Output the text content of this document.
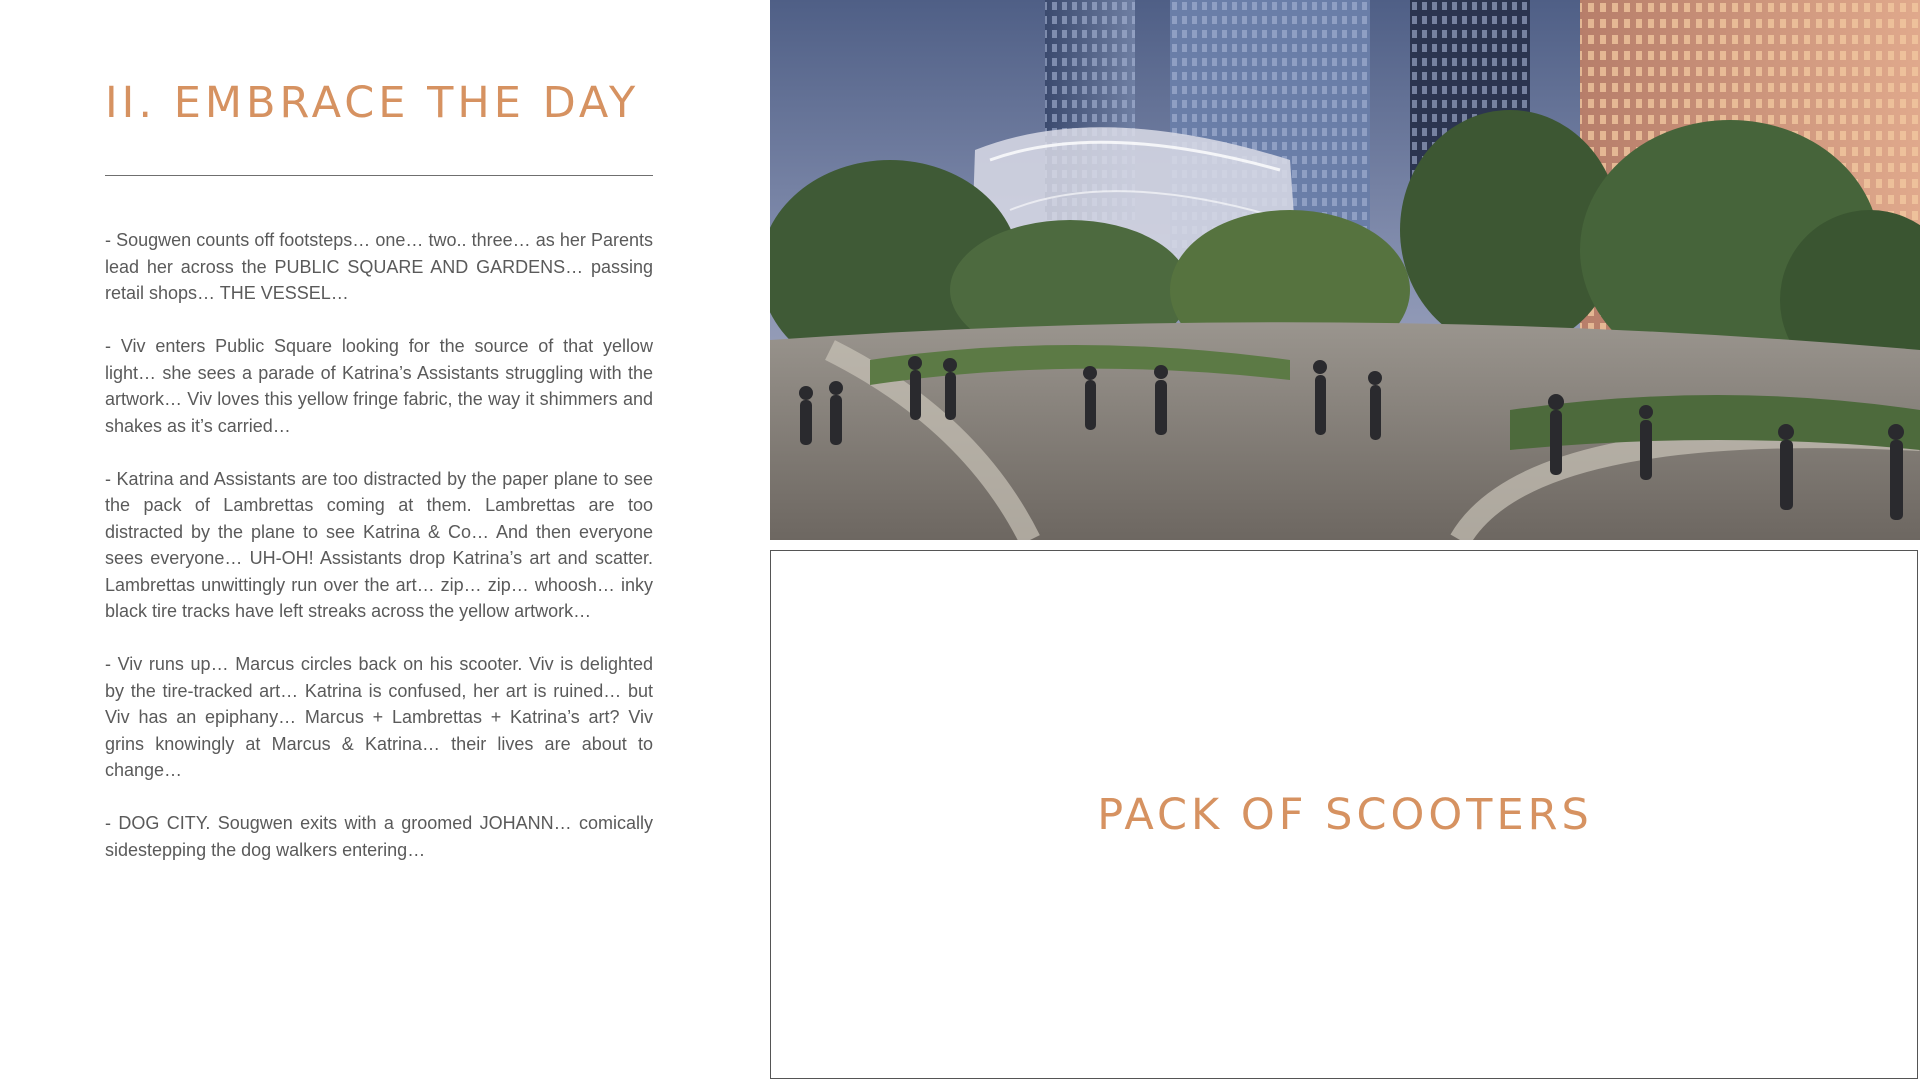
II. EMBRACE THE DAY

- Sougwen counts off footsteps… one… two.. three… as her Parents lead her across the PUBLIC SQUARE AND GARDENS… passing retail shops… THE VESSEL…

- Viv enters Public Square looking for the source of that yellow light… she sees a parade of Katrina’s Assistants struggling with the artwork… Viv loves this yellow fringe fabric, the way it shimmers and shakes as it’s carried…

- Katrina and Assistants are too distracted by the paper plane to see the pack of Lambrettas coming at them. Lambrettas are too distracted by the plane to see Katrina & Co… And then everyone sees everyone… UH-OH! Assistants drop Katrina’s art and scatter. Lambrettas unwittingly run over the art… zip… zip… whoosh… inky black tire tracks have left streaks across the yellow artwork…

- Viv runs up… Marcus circles back on his scooter. Viv is delighted by the tire-tracked art… Katrina is confused, her art is ruined… but Viv has an epiphany… Marcus + Lambrettas + Katrina’s art? Viv grins knowingly at Marcus & Katrina… their lives are about to change…

- DOG CITY. Sougwen exits with a groomed JOHANN… comically sidestepping the dog walkers entering…

PACK OF SCOOTERS
